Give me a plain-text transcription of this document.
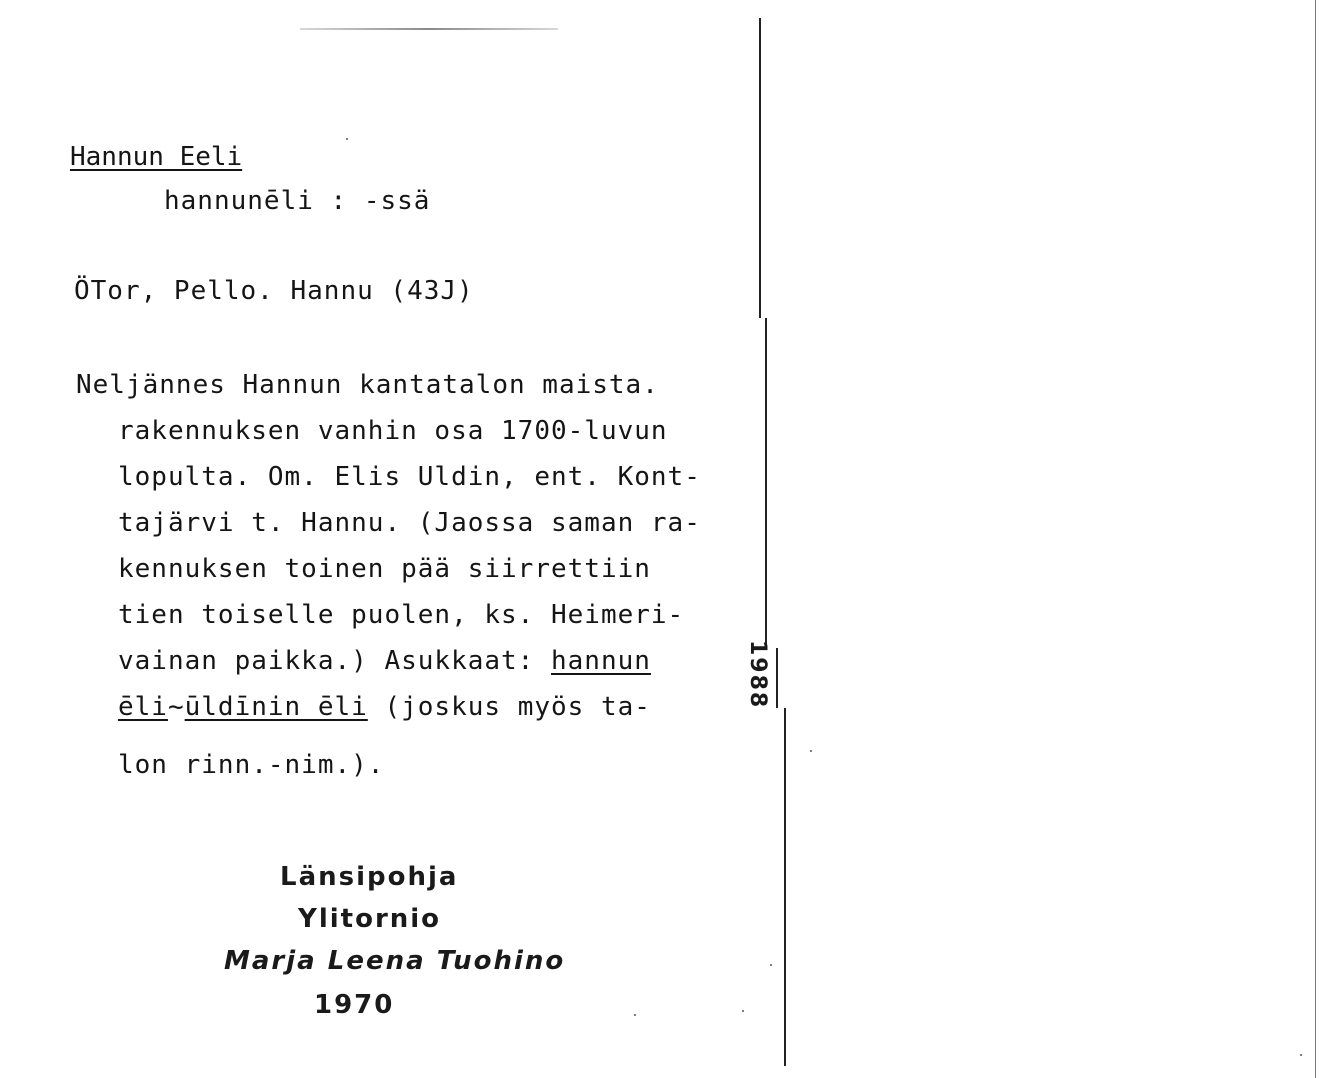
Hannun Eeli
hannunēli : -ssä
ÖTor, Pello. Hannu (43J)
Neljännes Hannun kantatalon maista.
rakennuksen vanhin osa 1700-luvun
lopulta. Om. Elis Uldin, ent. Kont-
tajärvi t. Hannu. (Jaossa saman ra-
kennuksen toinen pää siirrettiin
tien toiselle puolen, ks. Heimeri-
vainan paikka.) Asukkaat: hannun
ēli~ūldīnin ēli (joskus myös ta-
lon rinn.-nim.).
Länsipohja
Ylitornio
Marja Leena Tuohino
1970
1988
